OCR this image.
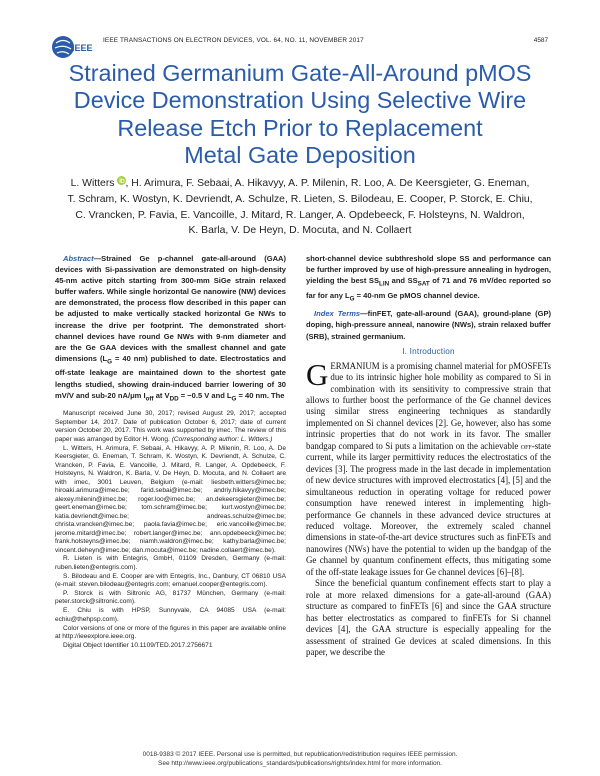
IEEE
IEEE TRANSACTIONS ON ELECTRON DEVICES, VOL. 64, NO. 11, NOVEMBER 2017	4587
Strained Germanium Gate-All-Around pMOS
Device Demonstration Using Selective Wire
Release Etch Prior to Replacement
Metal Gate Deposition
L. Witters , H. Arimura, F. Sebaai, A. Hikavyy, A. P. Milenin, R. Loo, A. De Keersgieter, G. Eneman,
T. Schram, K. Wostyn, K. Devriendt, A. Schulze, R. Lieten, S. Bilodeau, E. Cooper, P. Storck, E. Chiu,
C. Vrancken, P. Favia, E. Vancoille, J. Mitard, R. Langer, A. Opdebeeck, F. Holsteyns, N. Waldron,
K. Barla, V. De Heyn, D. Mocuta, and N. Collaert

Abstract—Strained Ge p-channel gate-all-around (GAA) devices with Si-passivation are demonstrated on high-density 45-nm active pitch starting from 300-mm SiGe strain relaxed buffer wafers. While single horizontal Ge nanowire (NW) devices are demonstrated, the process flow described in this paper can be adjusted to make vertically stacked horizontal Ge NWs to increase the drive per footprint. The demonstrated short-channel devices have round Ge NWs with 9-nm diameter and are the Ge GAA devices with the smallest channel and gate dimensions ($L_G = 40$ nm) published to date. Electrostatics and off-state leakage are maintained down to the shortest gate lengths studied, showing drain-induced barrier lowering of 30 mV/V and sub-20 nA/μm $I_{off}$ at $V_{DD} = -0.5$ V and $L_G = 40$ nm. The

Manuscript received June 30, 2017; revised August 29, 2017; accepted September 14, 2017. Date of publication October 6, 2017; date of current version October 20, 2017. This work was supported by imec. The review of this paper was arranged by Editor H. Wong. (Corresponding author: L. Witters.)

L. Witters, H. Arimura, F. Sebaai, A. Hikavyy, A. P. Milenin, R. Loo, A. De Keersgieter, G. Eneman, T. Schram, K. Wostyn, K. Devriendt, A. Schulze, C. Vrancken, P. Favia, E. Vancoille, J. Mitard, R. Langer, A. Opdebeeck, F. Holsteyns, N. Waldron, K. Barla, V. De Heyn, D. Mocuta, and N. Collaert are with imec, 3001 Leuven, Belgium (e-mail: liesbeth.witters@imec.be; hiroaki.arimura@imec.be; farid.sebai@imec.be; andriy.hikavyy@imec.be; alexey.milenin@imec.be; roger.loo@imec.be; an.dekeersgieter@imec.be; geert.eneman@imec.be; tom.schram@imec.be; kurt.wostyn@imec.be; katia.devriendt@imec.be; andreas.schulze@imec.be; christa.vrancken@imec.be; paola.favia@imec.be; eric.vancoille@imec.be; jerome.mitard@imec.be; robert.langer@imec.be; ann.opdebeeck@imec.be; frank.holsteyns@imec.be; niamh.waldron@imec.be; kathy.barla@imec.be; vincent.deheyn@imec.be; dan.mocuta@imec.be; nadine.collaert@imec.be).

R. Lieten is with Entegris, GmbH, 01109 Dresden, Germany (e-mail: ruben.lieten@entegris.com).

S. Bilodeau and E. Cooper are with Entegris, Inc., Danbury, CT 06810 USA (e-mail: steven.bilodeau@entegris.com; emanuel.cooper@entegris.com).

P. Storck is with Siltronic AG, 81737 München, Germany (e-mail: peter.storck@siltronic.com).

E. Chiu is with HPSP, Sunnyvale, CA 94085 USA (e-mail: echiu@thehpsp.com).

Color versions of one or more of the figures in this paper are available online at http://ieeexplore.ieee.org.

Digital Object Identifier 10.1109/TED.2017.2756671

short-channel device subthreshold slope SS and performance can be further improved by use of high-pressure annealing in hydrogen, yielding the best $SS_{LIN}$ and $SS_{SAT}$ of 71 and 76 mV/dec reported so far for any $L_G = 40-nm$ Ge pMOS channel device.

Index Terms—finFET, gate-all-around (GAA), ground-plane (GP) doping, high-pressure anneal, nanowire (NWs), strain relaxed buffer (SRB), strained germanium.

I. Introduction

GERMANIUM is a promising channel material for pMOSFETs due to its intrinsic higher hole mobility as compared to Si in combination with its sensitivity to compressive strain that allows to further boost the performance of the Ge channel devices using similar stress engineering techniques as standardly implemented on Si channel devices [2]. Ge, however, also has some intrinsic properties that do not work in its favor. The smaller bandgap compared to Si puts a limitation on the achievable off-state current, while its larger permittivity reduces the electrostatics of the devices [3]. The progress made in the last decade in implementation of new device structures with improved electrostatics [4], [5] and the simultaneous reduction in operating voltage for reduced power consumption have renewed interest in implementing high-performance Ge channels in these advanced device structures at reduced voltage. Moreover, the extremely scaled channel dimensions in state-of-the-art device structures such as finFETs and nanowires (NWs) have the potential to widen up the bandgap of the Ge channel by quantum confinement effects, thus mitigating some of the off-state leakage issues for Ge channel devices [6]–[8].

Since the beneficial quantum confinement effects start to play a role at more relaxed dimensions for a gate-all-around (GAA) structure as compared to finFETs [6] and since the GAA structure has better electrostatics as compared to finFETs for Si channel devices [4], the GAA structure is especially appealing for the assessment of strained Ge devices at scaled dimensions. In this paper, we describe the

0018-9383 © 2017 IEEE. Personal use is permitted, but republication/redistribution requires IEEE permission.
See http://www.ieee.org/publications_standards/publications/rights/index.html for more information.
